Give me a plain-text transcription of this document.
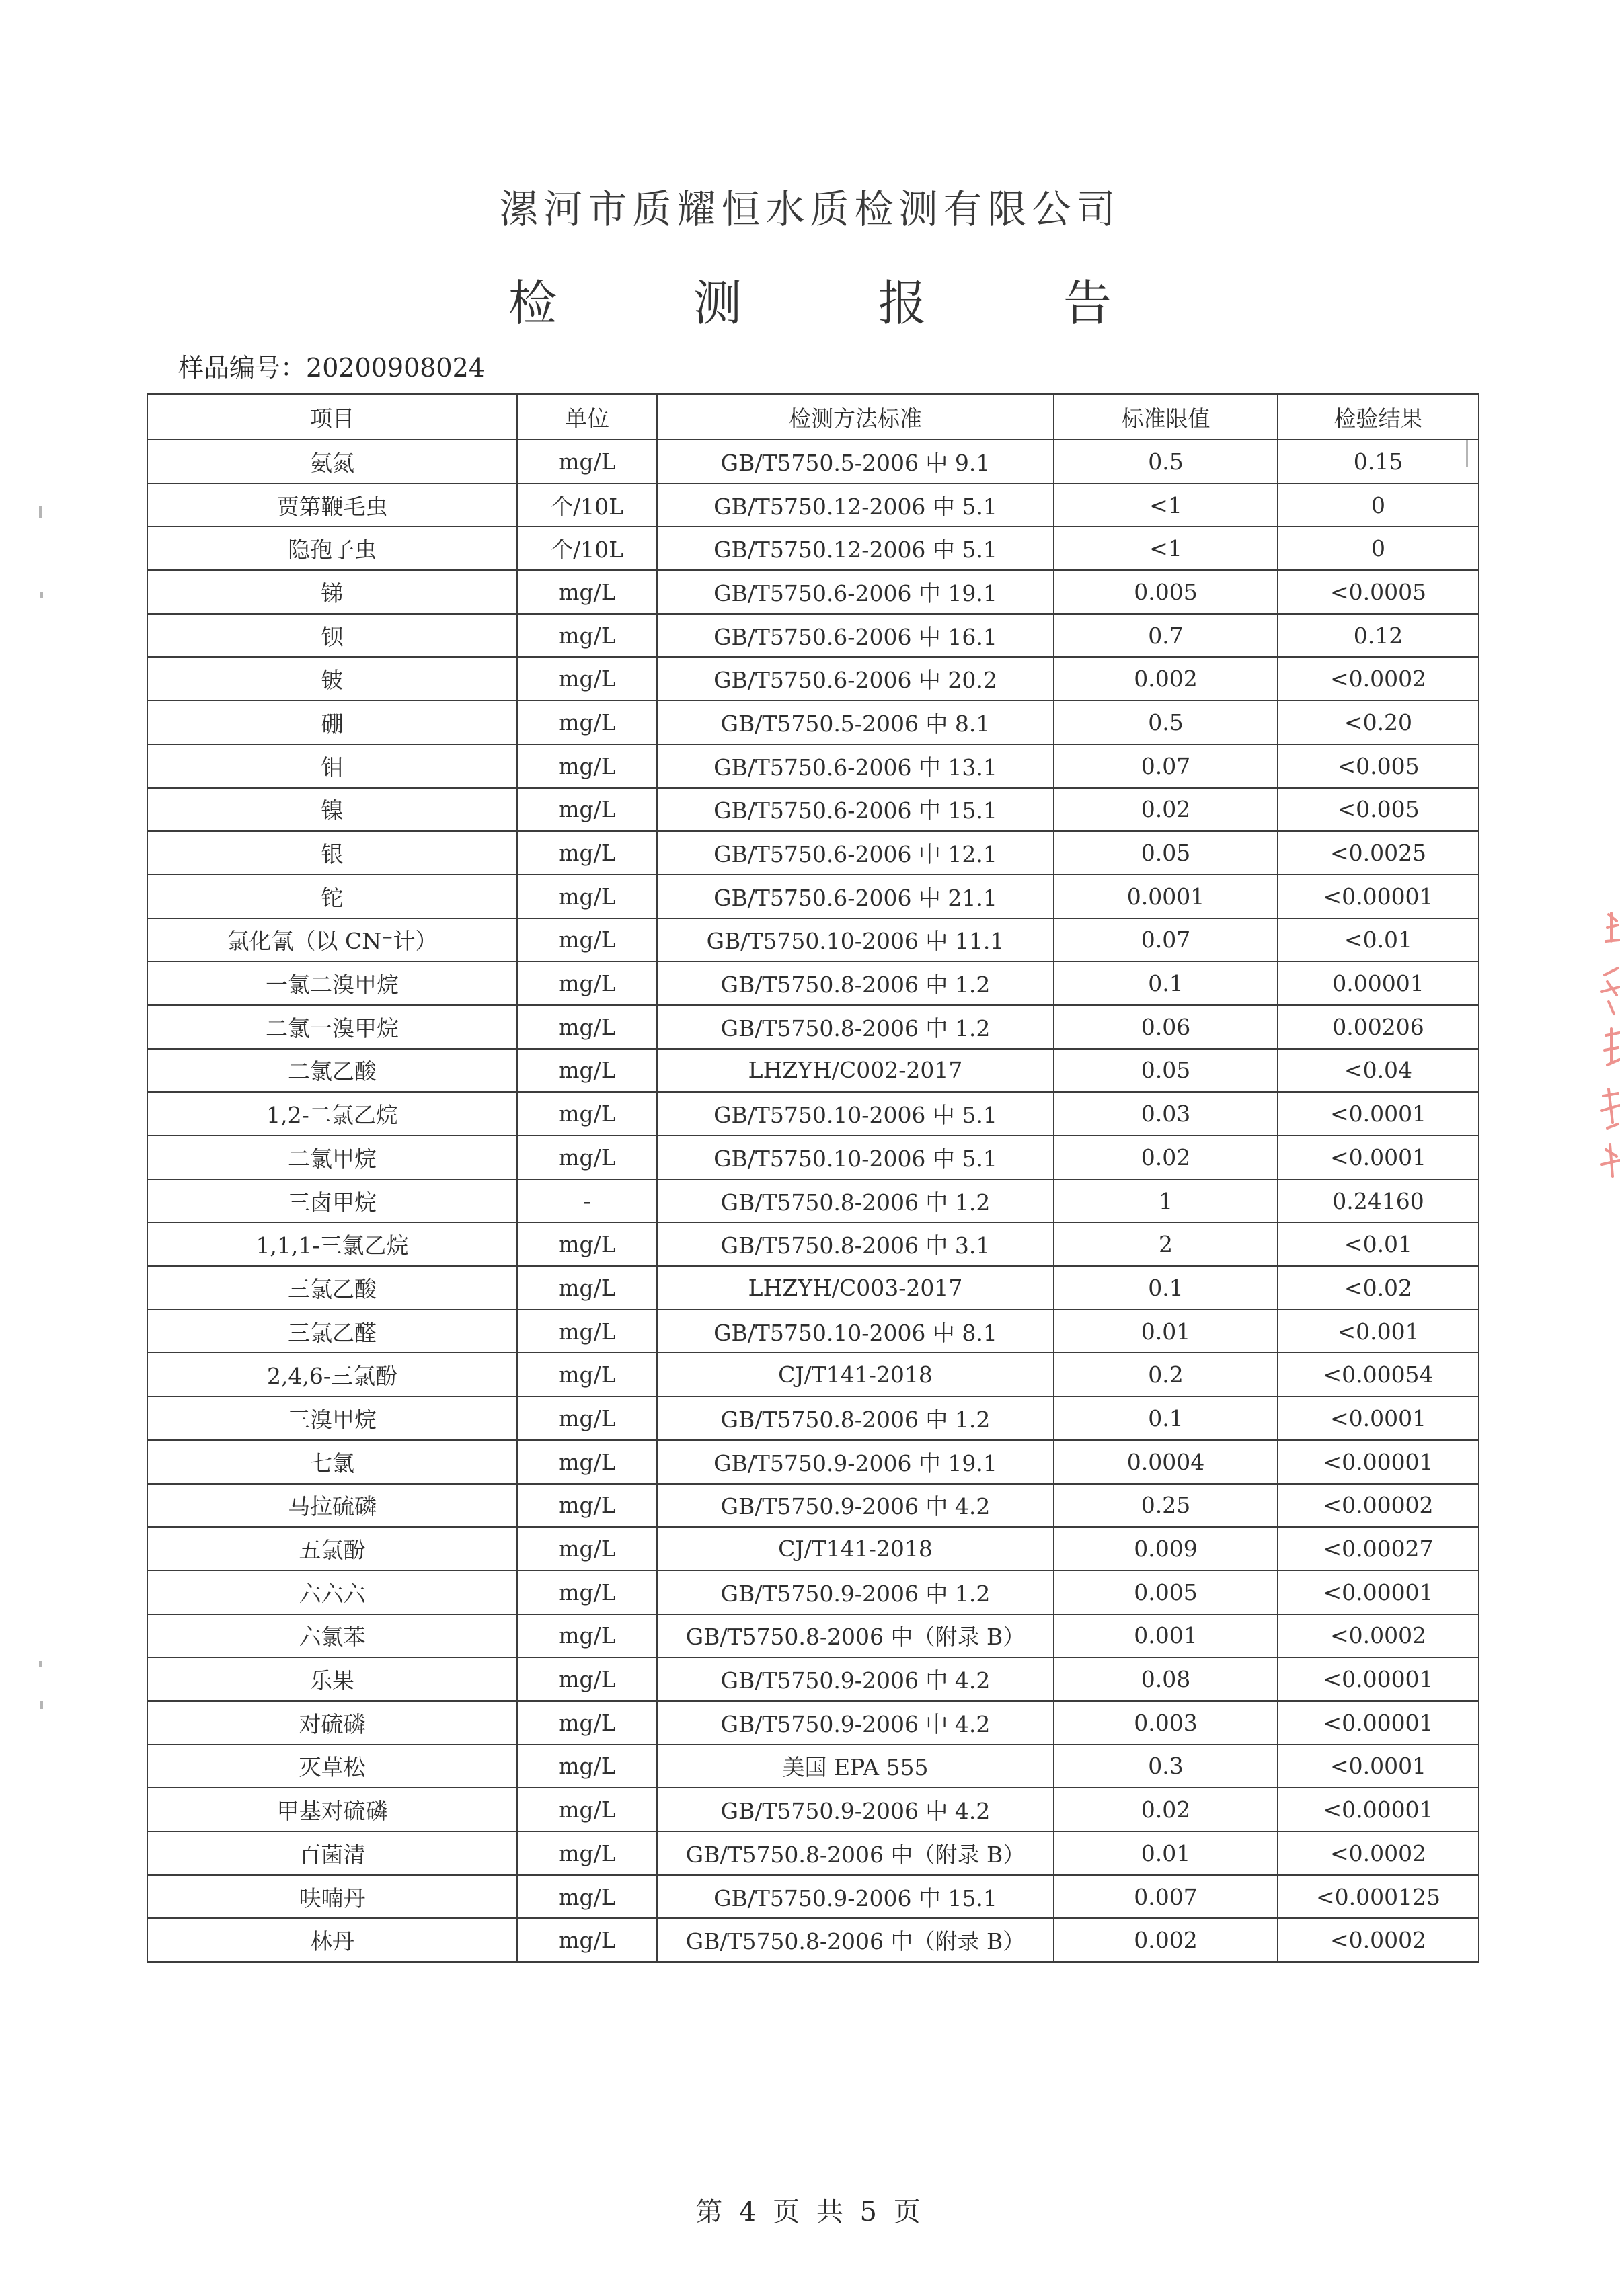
漯河市质耀恒水质检测有限公司
检 测 报 告
样品编号：20200908024
项目	单位	检测方法标准	标准限值	检验结果
氨氮	mg/L	GB/T5750.5-2006 中 9.1	0.5	0.15
贾第鞭毛虫	个/10L	GB/T5750.12-2006 中 5.1	<1	0
隐孢子虫	个/10L	GB/T5750.12-2006 中 5.1	<1	0
锑	mg/L	GB/T5750.6-2006 中 19.1	0.005	<0.0005
钡	mg/L	GB/T5750.6-2006 中 16.1	0.7	0.12
铍	mg/L	GB/T5750.6-2006 中 20.2	0.002	<0.0002
硼	mg/L	GB/T5750.5-2006 中 8.1	0.5	<0.20
钼	mg/L	GB/T5750.6-2006 中 13.1	0.07	<0.005
镍	mg/L	GB/T5750.6-2006 中 15.1	0.02	<0.005
银	mg/L	GB/T5750.6-2006 中 12.1	0.05	<0.0025
铊	mg/L	GB/T5750.6-2006 中 21.1	0.0001	<0.00001
氯化氰（以 CN⁻计）	mg/L	GB/T5750.10-2006 中 11.1	0.07	<0.01
一氯二溴甲烷	mg/L	GB/T5750.8-2006 中 1.2	0.1	0.00001
二氯一溴甲烷	mg/L	GB/T5750.8-2006 中 1.2	0.06	0.00206
二氯乙酸	mg/L	LHZYH/C002-2017	0.05	<0.04
1,2-二氯乙烷	mg/L	GB/T5750.10-2006 中 5.1	0.03	<0.0001
二氯甲烷	mg/L	GB/T5750.10-2006 中 5.1	0.02	<0.0001
三卤甲烷	-	GB/T5750.8-2006 中 1.2	1	0.24160
1,1,1-三氯乙烷	mg/L	GB/T5750.8-2006 中 3.1	2	<0.01
三氯乙酸	mg/L	LHZYH/C003-2017	0.1	<0.02
三氯乙醛	mg/L	GB/T5750.10-2006 中 8.1	0.01	<0.001
2,4,6-三氯酚	mg/L	CJ/T141-2018	0.2	<0.00054
三溴甲烷	mg/L	GB/T5750.8-2006 中 1.2	0.1	<0.0001
七氯	mg/L	GB/T5750.9-2006 中 19.1	0.0004	<0.00001
马拉硫磷	mg/L	GB/T5750.9-2006 中 4.2	0.25	<0.00002
五氯酚	mg/L	CJ/T141-2018	0.009	<0.00027
六六六	mg/L	GB/T5750.9-2006 中 1.2	0.005	<0.00001
六氯苯	mg/L	GB/T5750.8-2006 中（附录 B）	0.001	<0.0002
乐果	mg/L	GB/T5750.9-2006 中 4.2	0.08	<0.00001
对硫磷	mg/L	GB/T5750.9-2006 中 4.2	0.003	<0.00001
灭草松	mg/L	美国 EPA 555	0.3	<0.0001
甲基对硫磷	mg/L	GB/T5750.9-2006 中 4.2	0.02	<0.00001
百菌清	mg/L	GB/T5750.8-2006 中（附录 B）	0.01	<0.0002
呋喃丹	mg/L	GB/T5750.9-2006 中 15.1	0.007	<0.000125
林丹	mg/L	GB/T5750.8-2006 中（附录 B）	0.002	<0.0002
第 4 页 共 5 页
